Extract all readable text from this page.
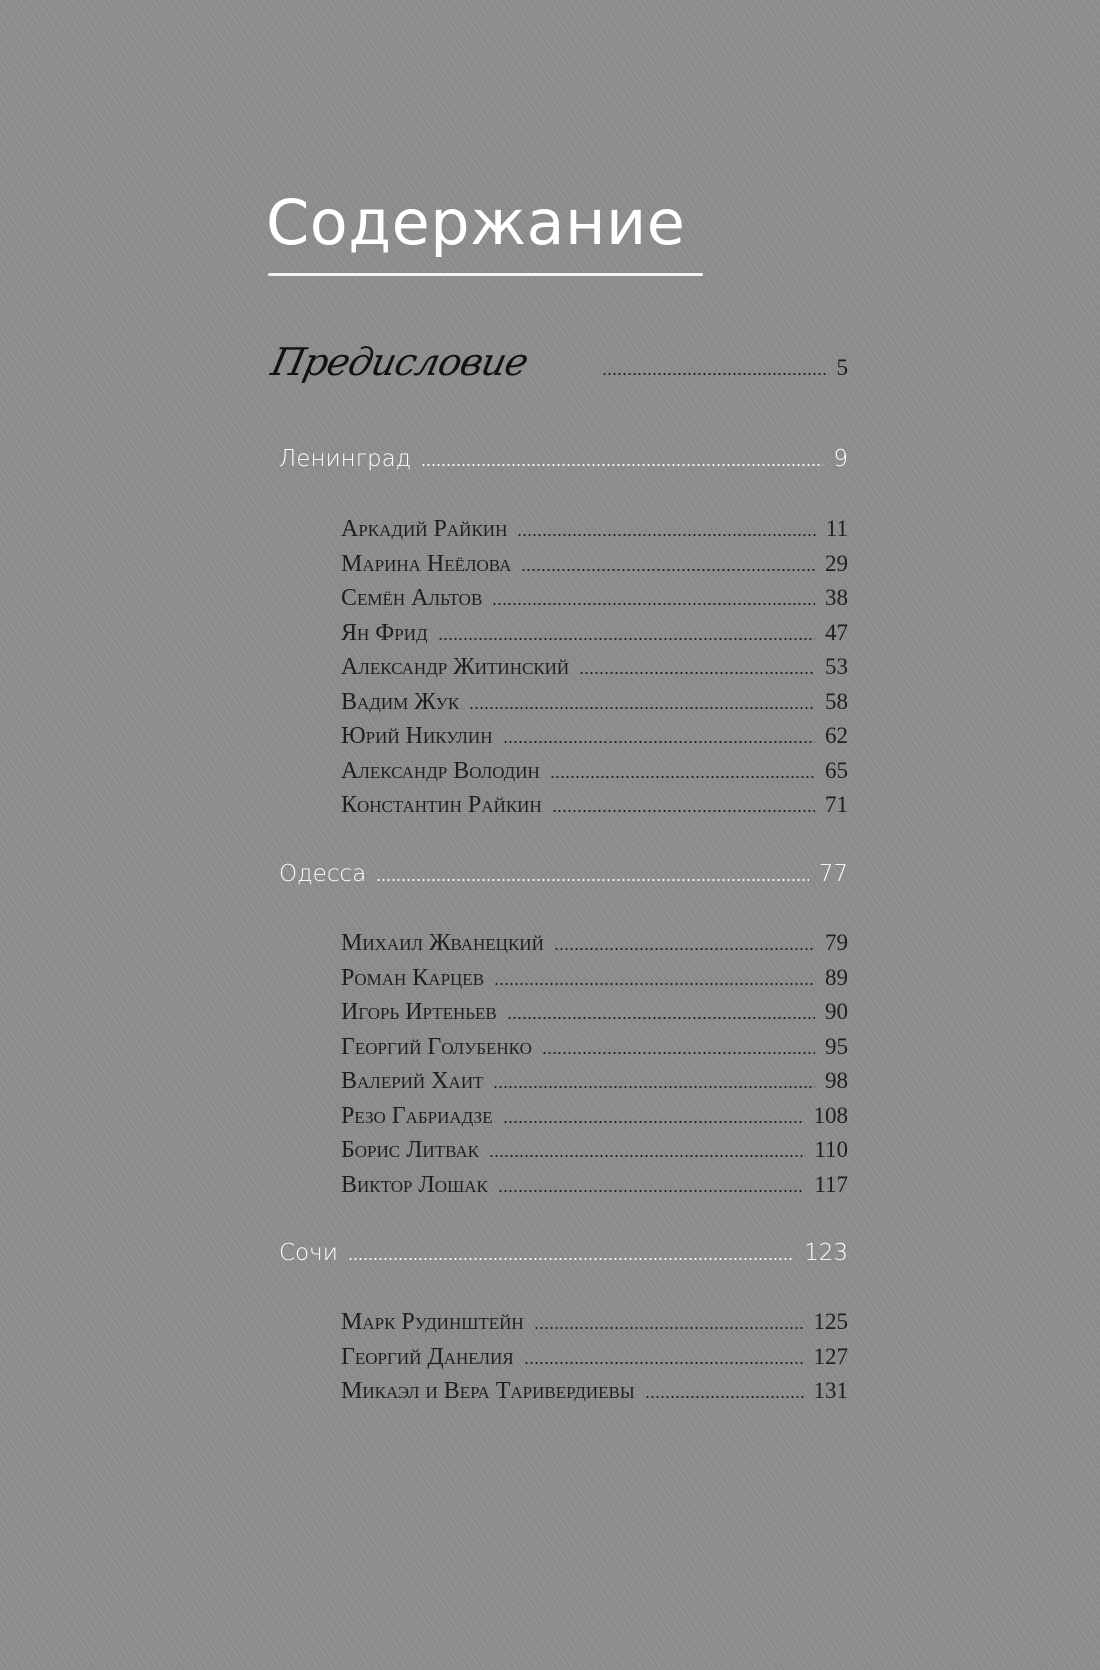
Содержание
Предисловие	5
Ленинград	9
Аркадий Райкин	11
Марина Неёлова	29
Семён Альтов	38
Ян Фрид	47
Александр Житинский	53
Вадим Жук	58
Юрий Никулин	62
Александр Володин	65
Константин Райкин	71
Одесса	77
Михаил Жванецкий	79
Роман Карцев	89
Игорь Иртеньев	90
Георгий Голубенко	95
Валерий Хаит	98
Резо Габриадзе	108
Борис Литвак	110
Виктор Лошак	117
Сочи	123
Марк Рудинштейн	125
Георгий Данелия	127
Микаэл и Вера Таривердиевы	131
